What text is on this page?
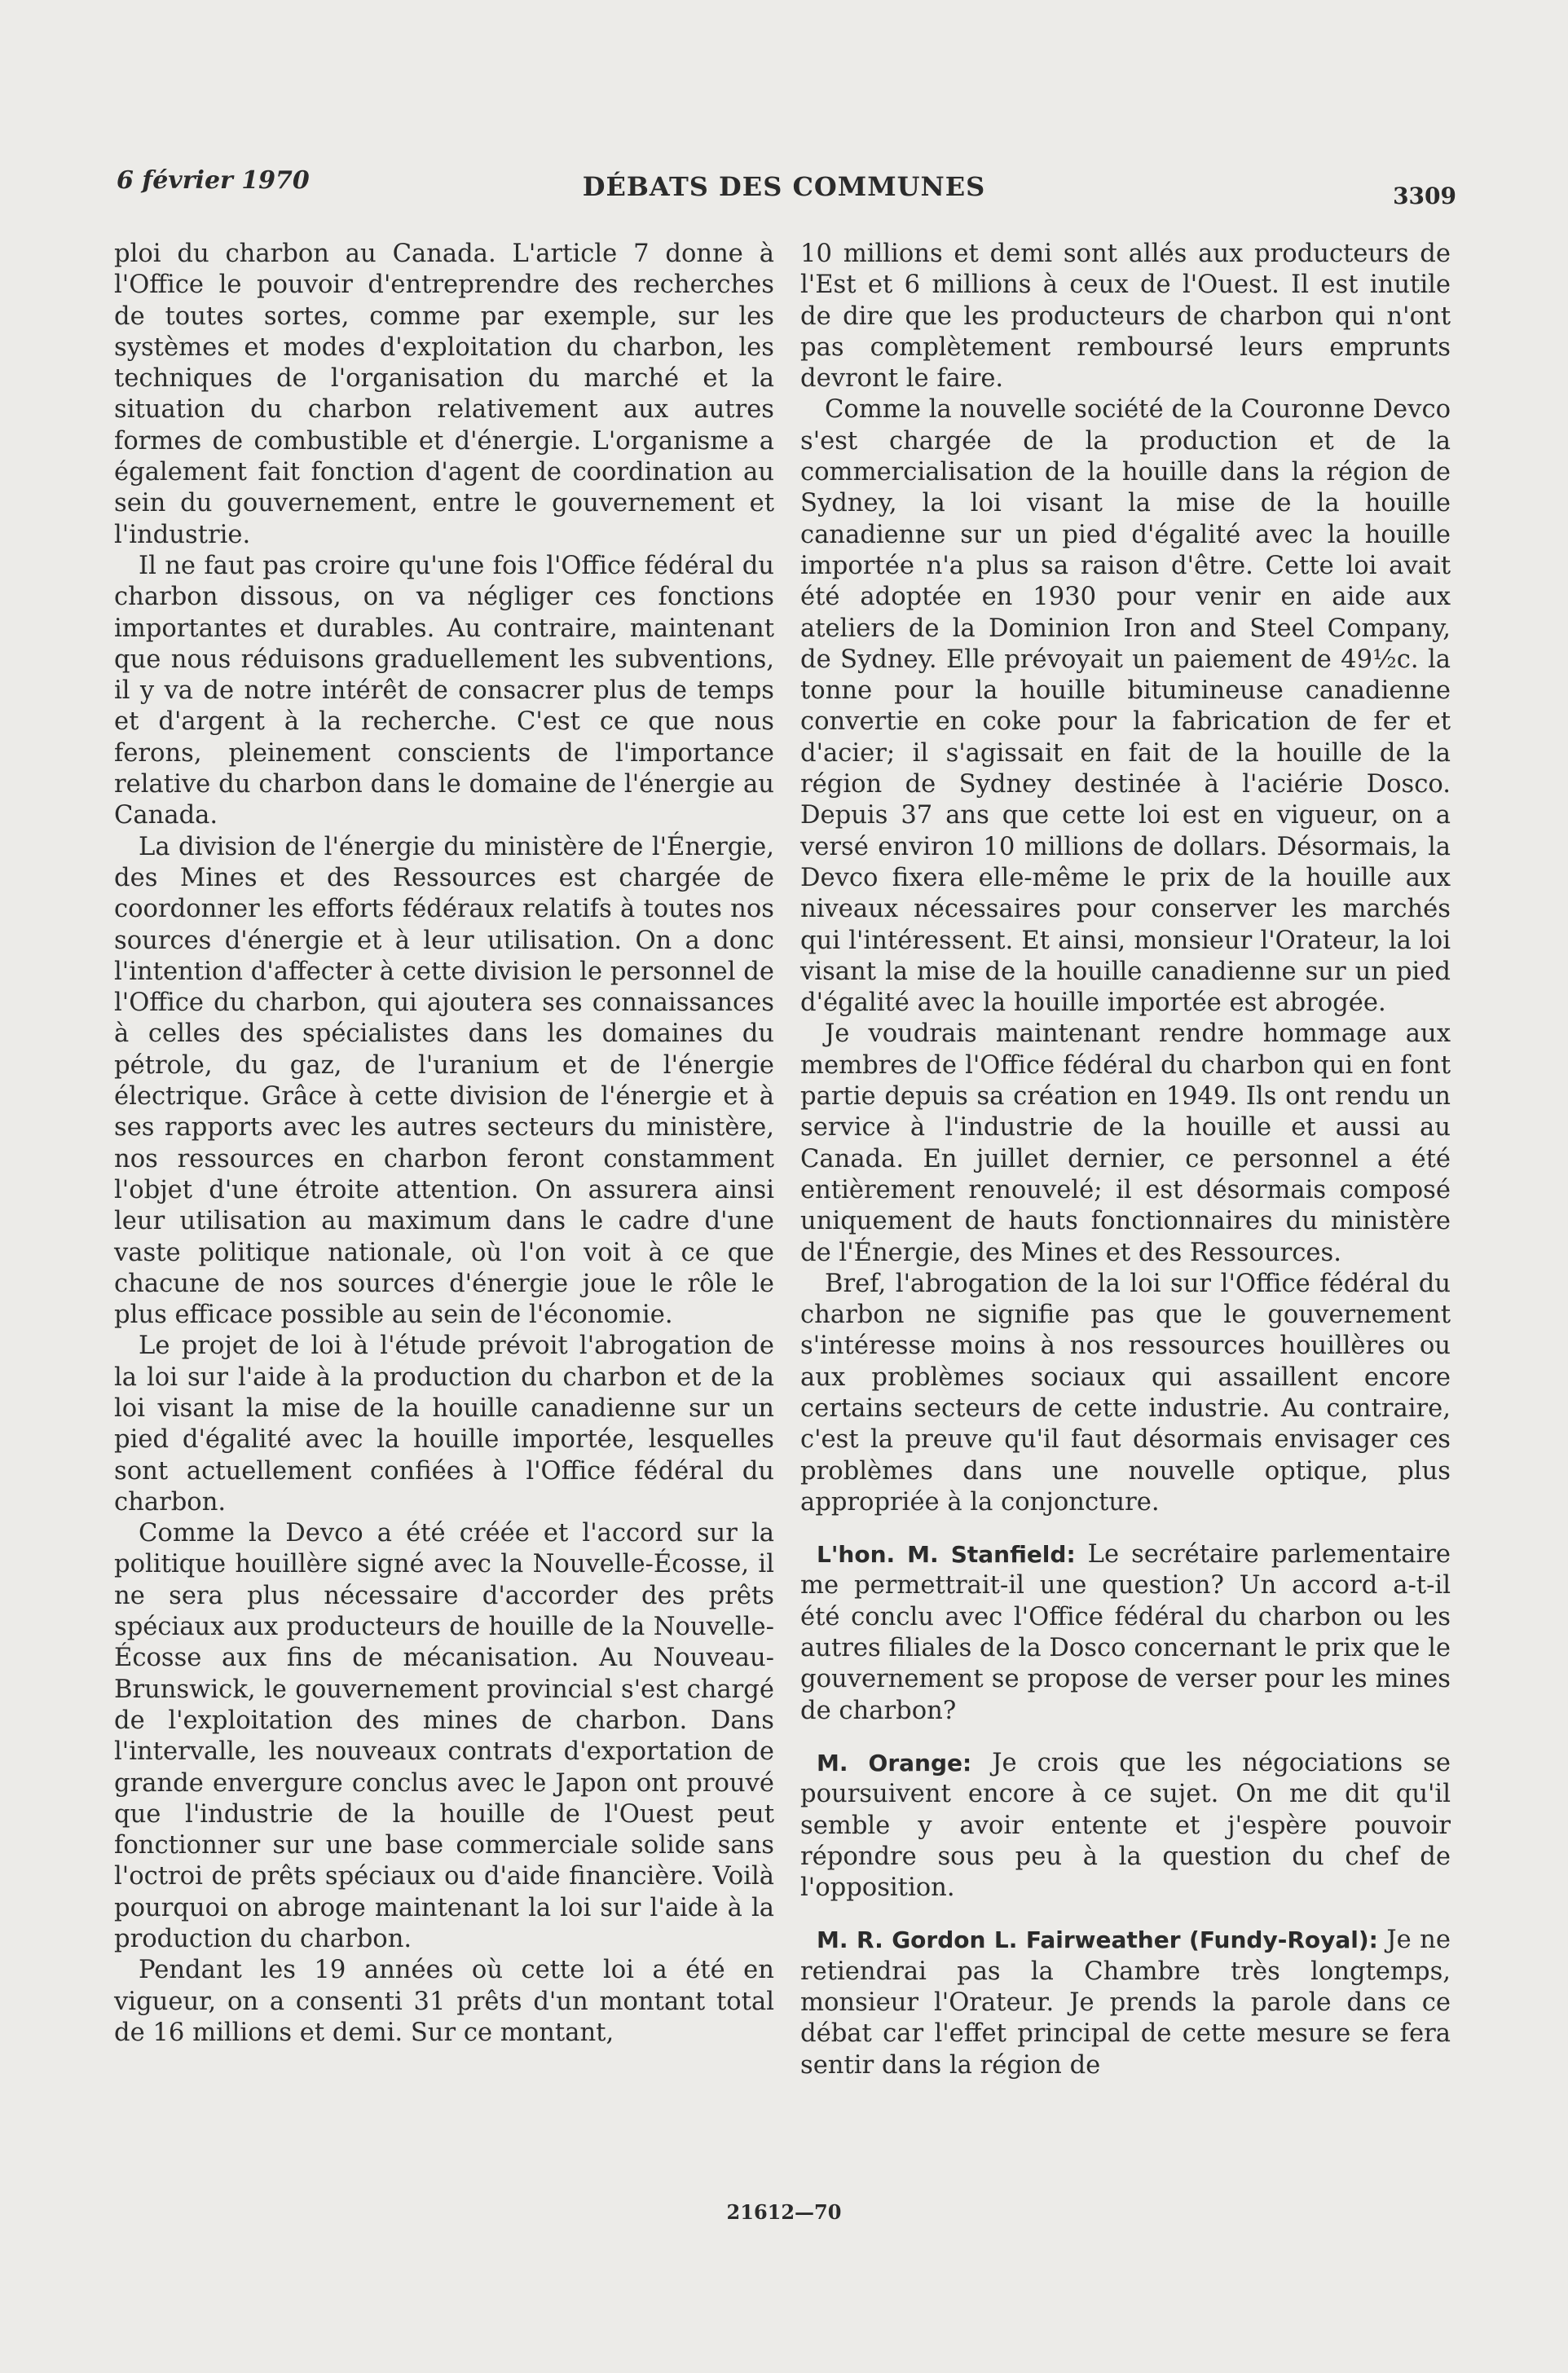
6 février 1970	DÉBATS DES COMMUNES	3309

ploi du charbon au Canada. L'article 7 donne à l'Office le pouvoir d'entreprendre des recherches de toutes sortes, comme par exemple, sur les systèmes et modes d'exploitation du charbon, les techniques de l'organisation du marché et la situation du charbon relativement aux autres formes de combustible et d'énergie. L'organisme a également fait fonction d'agent de coordination au sein du gouvernement, entre le gouvernement et l'industrie.

Il ne faut pas croire qu'une fois l'Office fédéral du charbon dissous, on va négliger ces fonctions importantes et durables. Au contraire, maintenant que nous réduisons graduellement les subventions, il y va de notre intérêt de consacrer plus de temps et d'argent à la recherche. C'est ce que nous ferons, pleinement conscients de l'importance relative du charbon dans le domaine de l'énergie au Canada.

La division de l'énergie du ministère de l'Énergie, des Mines et des Ressources est chargée de coordonner les efforts fédéraux relatifs à toutes nos sources d'énergie et à leur utilisation. On a donc l'intention d'affecter à cette division le personnel de l'Office du charbon, qui ajoutera ses connaissances à celles des spécialistes dans les domaines du pétrole, du gaz, de l'uranium et de l'énergie électrique. Grâce à cette division de l'énergie et à ses rapports avec les autres secteurs du ministère, nos ressources en charbon feront constamment l'objet d'une étroite attention. On assurera ainsi leur utilisation au maximum dans le cadre d'une vaste politique nationale, où l'on voit à ce que chacune de nos sources d'énergie joue le rôle le plus efficace possible au sein de l'économie.

Le projet de loi à l'étude prévoit l'abrogation de la loi sur l'aide à la production du charbon et de la loi visant la mise de la houille canadienne sur un pied d'égalité avec la houille importée, lesquelles sont actuellement confiées à l'Office fédéral du charbon.

Comme la Devco a été créée et l'accord sur la politique houillère signé avec la Nouvelle-Écosse, il ne sera plus nécessaire d'accorder des prêts spéciaux aux producteurs de houille de la Nouvelle-Écosse aux fins de mécanisation. Au Nouveau-Brunswick, le gouvernement provincial s'est chargé de l'exploitation des mines de charbon. Dans l'intervalle, les nouveaux contrats d'exportation de grande envergure conclus avec le Japon ont prouvé que l'industrie de la houille de l'Ouest peut fonctionner sur une base commerciale solide sans l'octroi de prêts spéciaux ou d'aide financière. Voilà pourquoi on abroge maintenant la loi sur l'aide à la production du charbon.

Pendant les 19 années où cette loi a été en vigueur, on a consenti 31 prêts d'un montant total de 16 millions et demi. Sur ce montant,

10 millions et demi sont allés aux producteurs de l'Est et 6 millions à ceux de l'Ouest. Il est inutile de dire que les producteurs de charbon qui n'ont pas complètement remboursé leurs emprunts devront le faire.

Comme la nouvelle société de la Couronne Devco s'est chargée de la production et de la commercialisation de la houille dans la région de Sydney, la loi visant la mise de la houille canadienne sur un pied d'égalité avec la houille importée n'a plus sa raison d'être. Cette loi avait été adoptée en 1930 pour venir en aide aux ateliers de la Dominion Iron and Steel Company, de Sydney. Elle prévoyait un paiement de 49½c. la tonne pour la houille bitumineuse canadienne convertie en coke pour la fabrication de fer et d'acier; il s'agissait en fait de la houille de la région de Sydney destinée à l'aciérie Dosco. Depuis 37 ans que cette loi est en vigueur, on a versé environ 10 millions de dollars. Désormais, la Devco fixera elle-même le prix de la houille aux niveaux nécessaires pour conserver les marchés qui l'intéressent. Et ainsi, monsieur l'Orateur, la loi visant la mise de la houille canadienne sur un pied d'égalité avec la houille importée est abrogée.

Je voudrais maintenant rendre hommage aux membres de l'Office fédéral du charbon qui en font partie depuis sa création en 1949. Ils ont rendu un service à l'industrie de la houille et aussi au Canada. En juillet dernier, ce personnel a été entièrement renouvelé; il est désormais composé uniquement de hauts fonctionnaires du ministère de l'Énergie, des Mines et des Ressources.

Bref, l'abrogation de la loi sur l'Office fédéral du charbon ne signifie pas que le gouvernement s'intéresse moins à nos ressources houillères ou aux problèmes sociaux qui assaillent encore certains secteurs de cette industrie. Au contraire, c'est la preuve qu'il faut désormais envisager ces problèmes dans une nouvelle optique, plus appropriée à la conjoncture.

L'hon. M. Stanfield: Le secrétaire parlementaire me permettrait-il une question? Un accord a-t-il été conclu avec l'Office fédéral du charbon ou les autres filiales de la Dosco concernant le prix que le gouvernement se propose de verser pour les mines de charbon?

M. Orange: Je crois que les négociations se poursuivent encore à ce sujet. On me dit qu'il semble y avoir entente et j'espère pouvoir répondre sous peu à la question du chef de l'opposition.

M. R. Gordon L. Fairweather (Fundy-Royal): Je ne retiendrai pas la Chambre très longtemps, monsieur l'Orateur. Je prends la parole dans ce débat car l'effet principal de cette mesure se fera sentir dans la région de

21612—70
